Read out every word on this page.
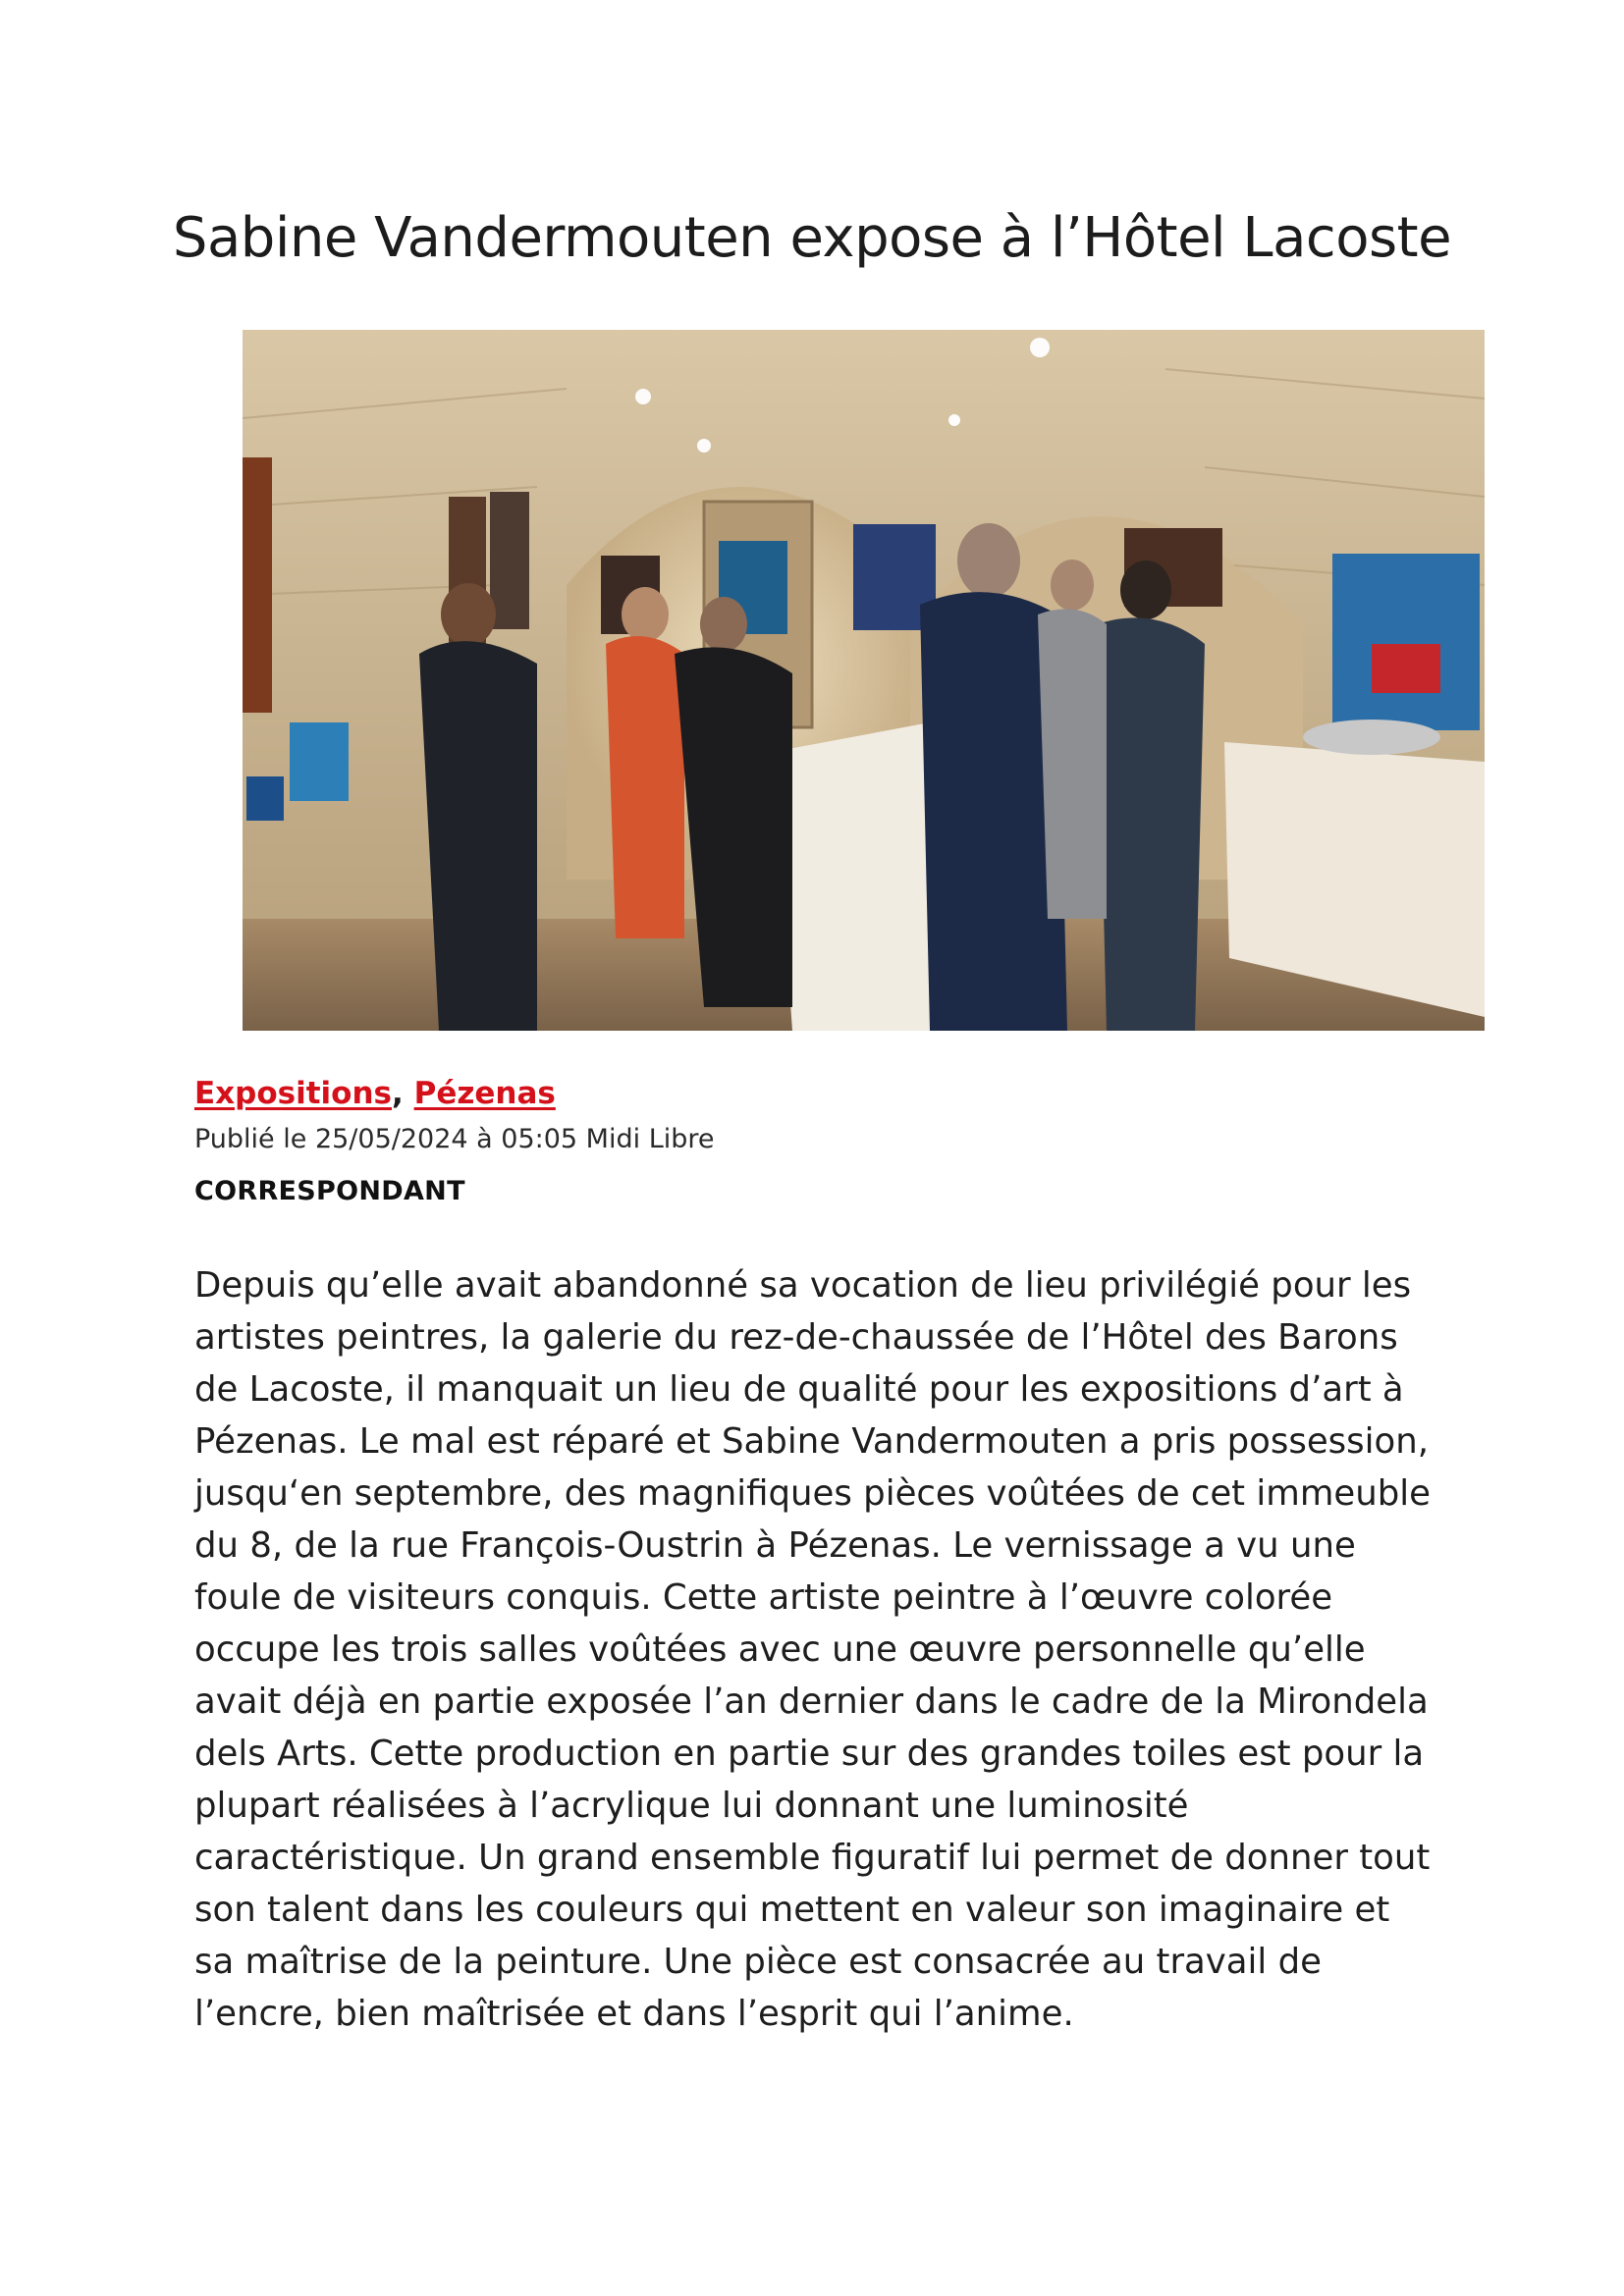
Sabine Vandermouten expose à l’Hôtel Lacoste
Expositions, Pézenas
Publié le 25/05/2024 à 05:05 Midi Libre
CORRESPONDANT

Depuis qu’elle avait abandonné sa vocation de lieu privilégié pour les artistes peintres, la galerie du rez-de-chaussée de l’Hôtel des Barons de Lacoste, il manquait un lieu de qualité pour les expositions d’art à Pézenas. Le mal est réparé et Sabine Vandermouten a pris possession, jusqu‘en septembre, des magnifiques pièces voûtées de cet immeuble du 8, de la rue François-Oustrin à Pézenas. Le vernissage a vu une foule de visiteurs conquis. Cette artiste peintre à l’œuvre colorée occupe les trois salles voûtées avec une œuvre personnelle qu’elle avait déjà en partie exposée l’an dernier dans le cadre de la Mirondela dels Arts. Cette production en partie sur des grandes toiles est pour la plupart réalisées à l’acrylique lui donnant une luminosité caractéristique. Un grand ensemble figuratif lui permet de donner tout son talent dans les couleurs qui mettent en valeur son imaginaire et sa maîtrise de la peinture. Une pièce est consacrée au travail de l’encre, bien maîtrisée et dans l’esprit qui l’anime.
